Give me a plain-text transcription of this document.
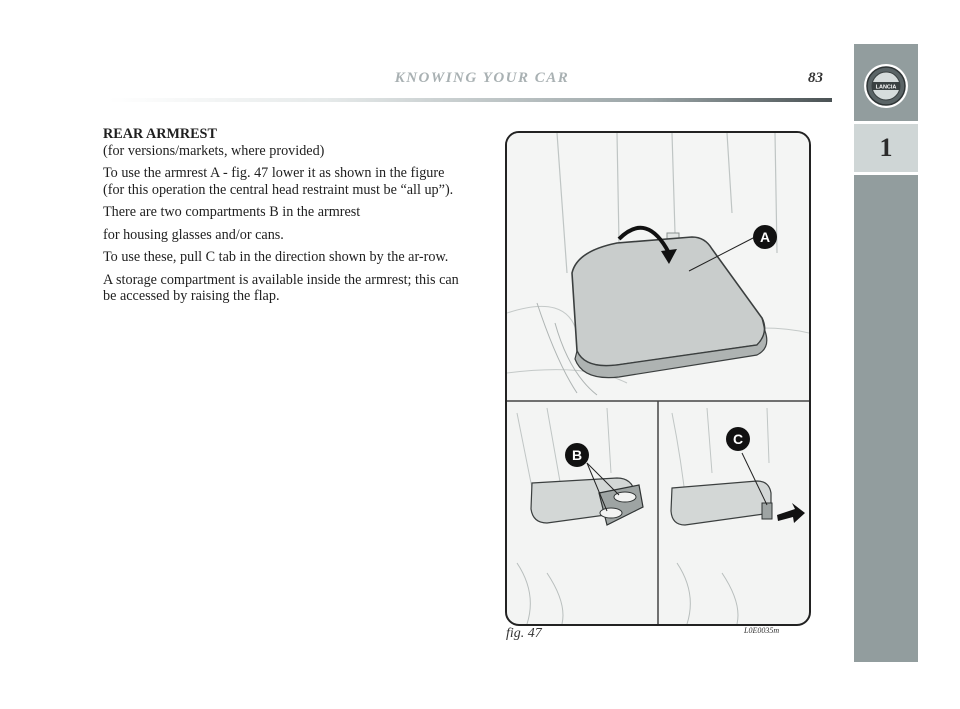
KNOWING YOUR CAR	83
LANCIA
1

REAR ARMREST

(for versions/markets, where provided)

To use the armrest A - fig. 47 lower it as shown in the figure (for this operation the central head restraint must be “all up”).

There are two compartments B in the armrest

for housing glasses and/or cans.

To use these, pull C tab in the direction shown by the ar-row.

A storage compartment is available inside the armrest; this can be accessed by raising the flap.

A
B
C
fig. 47	L0E0035m
